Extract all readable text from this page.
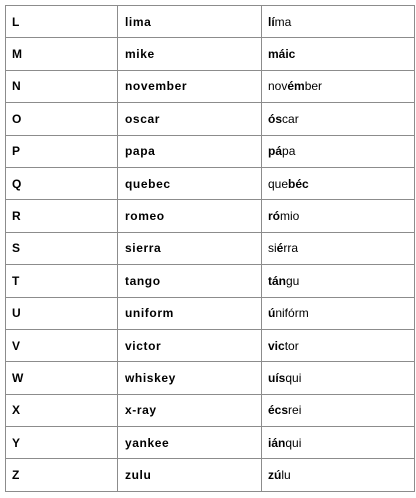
L	lima	líma
M	mike	máic
N	november	novémber
O	oscar	óscar
P	papa	pápa
Q	quebec	quebéc
R	romeo	rómio
S	sierra	siérra
T	tango	tángu
U	uniform	únifórm
V	victor	victor
W	whiskey	uísqui
X	x-ray	écsrei
Y	yankee	iánqui
Z	zulu	zúlu
